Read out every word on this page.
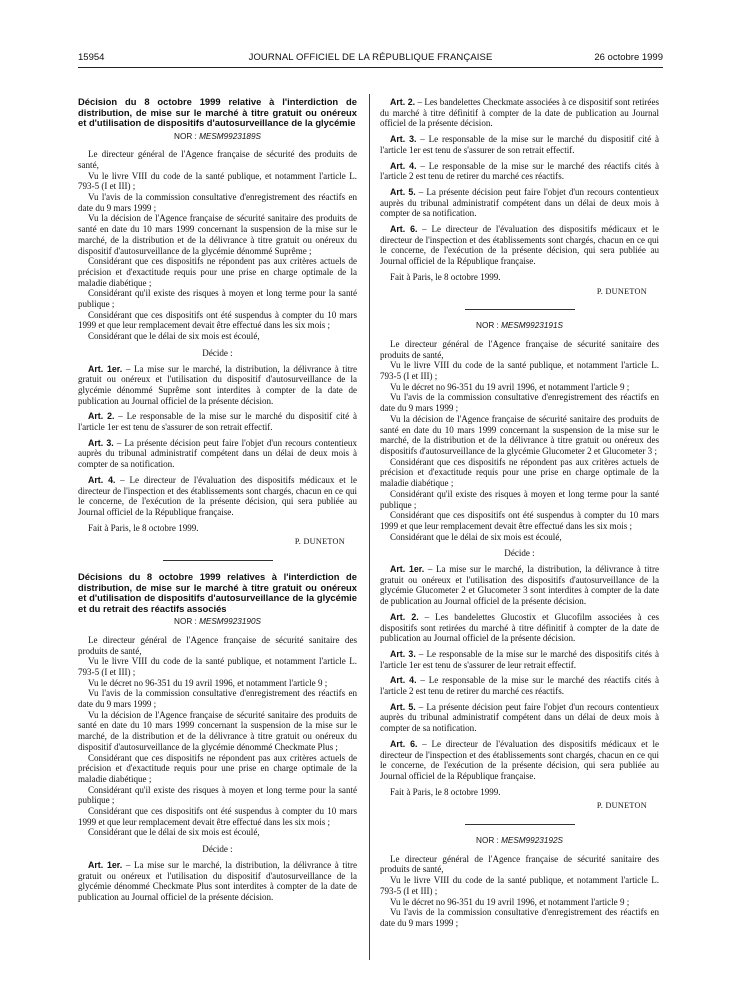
15954	JOURNAL OFFICIEL DE LA RÉPUBLIQUE FRANÇAISE	26 octobre 1999

Décision du 8 octobre 1999 relative à l'interdiction de distribution, de mise sur le marché à titre gratuit ou onéreux et d'utilisation de dispositifs d'autosurveillance de la glycémie

NOR : MESM9923189S

Le directeur général de l'Agence française de sécurité des produits de santé,

Vu le livre VIII du code de la santé publique, et notamment l'article L. 793-5 (I et III) ;

Vu l'avis de la commission consultative d'enregistrement des réactifs en date du 9 mars 1999 ;

Vu la décision de l'Agence française de sécurité sanitaire des produits de santé en date du 10 mars 1999 concernant la suspension de la mise sur le marché, de la distribution et de la délivrance à titre gratuit ou onéreux du dispositif d'autosurveillance de la glycémie dénommé Suprême ;

Considérant que ces dispositifs ne répondent pas aux critères actuels de précision et d'exactitude requis pour une prise en charge optimale de la maladie diabétique ;

Considérant qu'il existe des risques à moyen et long terme pour la santé publique ;

Considérant que ces dispositifs ont été suspendus à compter du 10 mars 1999 et que leur remplacement devait être effectué dans les six mois ;

Considérant que le délai de six mois est écoulé,

Décide :

Art. 1er. – La mise sur le marché, la distribution, la délivrance à titre gratuit ou onéreux et l'utilisation du dispositif d'autosurveillance de la glycémie dénommé Suprême sont interdites à compter de la date de publication au Journal officiel de la présente décision.

Art. 2. – Le responsable de la mise sur le marché du dispositif cité à l'article 1er est tenu de s'assurer de son retrait effectif.

Art. 3. – La présente décision peut faire l'objet d'un recours contentieux auprès du tribunal administratif compétent dans un délai de deux mois à compter de sa notification.

Art. 4. – Le directeur de l'évaluation des dispositifs médicaux et le directeur de l'inspection et des établissements sont chargés, chacun en ce qui le concerne, de l'exécution de la présente décision, qui sera publiée au Journal officiel de la République française.

Fait à Paris, le 8 octobre 1999.

P. DUNETON

Décisions du 8 octobre 1999 relatives à l'interdiction de distribution, de mise sur le marché à titre gratuit ou onéreux et d'utilisation de dispositifs d'autosurveillance de la glycémie et du retrait des réactifs associés

NOR : MESM9923190S

Le directeur général de l'Agence française de sécurité sanitaire des produits de santé,

Vu le livre VIII du code de la santé publique, et notamment l'article L. 793-5 (I et III) ;

Vu le décret no 96-351 du 19 avril 1996, et notamment l'article 9 ;

Vu l'avis de la commission consultative d'enregistrement des réactifs en date du 9 mars 1999 ;

Vu la décision de l'Agence française de sécurité sanitaire des produits de santé en date du 10 mars 1999 concernant la suspension de la mise sur le marché, de la distribution et de la délivrance à titre gratuit ou onéreux du dispositif d'autosurveillance de la glycémie dénommé Checkmate Plus ;

Considérant que ces dispositifs ne répondent pas aux critères actuels de précision et d'exactitude requis pour une prise en charge optimale de la maladie diabétique ;

Considérant qu'il existe des risques à moyen et long terme pour la santé publique ;

Considérant que ces dispositifs ont été suspendus à compter du 10 mars 1999 et que leur remplacement devait être effectué dans les six mois ;

Considérant que le délai de six mois est écoulé,

Décide :

Art. 1er. – La mise sur le marché, la distribution, la délivrance à titre gratuit ou onéreux et l'utilisation du dispositif d'autosurveillance de la glycémie dénommé Checkmate Plus sont interdites à compter de la date de publication au Journal officiel de la présente décision.

Art. 2. – Les bandelettes Checkmate associées à ce dispositif sont retirées du marché à titre définitif à compter de la date de publication au Journal officiel de la présente décision.

Art. 3. – Le responsable de la mise sur le marché du dispositif cité à l'article 1er est tenu de s'assurer de son retrait effectif.

Art. 4. – Le responsable de la mise sur le marché des réactifs cités à l'article 2 est tenu de retirer du marché ces réactifs.

Art. 5. – La présente décision peut faire l'objet d'un recours contentieux auprès du tribunal administratif compétent dans un délai de deux mois à compter de sa notification.

Art. 6. – Le directeur de l'évaluation des dispositifs médicaux et le directeur de l'inspection et des établissements sont chargés, chacun en ce qui le concerne, de l'exécution de la présente décision, qui sera publiée au Journal officiel de la République française.

Fait à Paris, le 8 octobre 1999.

P. DUNETON

NOR : MESM9923191S

Le directeur général de l'Agence française de sécurité sanitaire des produits de santé,

Vu le livre VIII du code de la santé publique, et notamment l'article L. 793-5 (I et III) ;

Vu le décret no 96-351 du 19 avril 1996, et notamment l'article 9 ;

Vu l'avis de la commission consultative d'enregistrement des réactifs en date du 9 mars 1999 ;

Vu la décision de l'Agence française de sécurité sanitaire des produits de santé en date du 10 mars 1999 concernant la suspension de la mise sur le marché, de la distribution et de la délivrance à titre gratuit ou onéreux des dispositifs d'autosurveillance de la glycémie Glucometer 2 et Glucometer 3 ;

Considérant que ces dispositifs ne répondent pas aux critères actuels de précision et d'exactitude requis pour une prise en charge optimale de la maladie diabétique ;

Considérant qu'il existe des risques à moyen et long terme pour la santé publique ;

Considérant que ces dispositifs ont été suspendus à compter du 10 mars 1999 et que leur remplacement devait être effectué dans les six mois ;

Considérant que le délai de six mois est écoulé,

Décide :

Art. 1er. – La mise sur le marché, la distribution, la délivrance à titre gratuit ou onéreux et l'utilisation des dispositifs d'autosurveillance de la glycémie Glucometer 2 et Glucometer 3 sont interdites à compter de la date de publication au Journal officiel de la présente décision.

Art. 2. – Les bandelettes Glucostix et Glucofilm associées à ces dispositifs sont retirées du marché à titre définitif à compter de la date de publication au Journal officiel de la présente décision.

Art. 3. – Le responsable de la mise sur le marché des dispositifs cités à l'article 1er est tenu de s'assurer de leur retrait effectif.

Art. 4. – Le responsable de la mise sur le marché des réactifs cités à l'article 2 est tenu de retirer du marché ces réactifs.

Art. 5. – La présente décision peut faire l'objet d'un recours contentieux auprès du tribunal administratif compétent dans un délai de deux mois à compter de sa notification.

Art. 6. – Le directeur de l'évaluation des dispositifs médicaux et le directeur de l'inspection et des établissements sont chargés, chacun en ce qui le concerne, de l'exécution de la présente décision, qui sera publiée au Journal officiel de la République française.

Fait à Paris, le 8 octobre 1999.

P. DUNETON

NOR : MESM9923192S

Le directeur général de l'Agence française de sécurité sanitaire des produits de santé,

Vu le livre VIII du code de la santé publique, et notamment l'article L. 793-5 (I et III) ;

Vu le décret no 96-351 du 19 avril 1996, et notamment l'article 9 ;

Vu l'avis de la commission consultative d'enregistrement des réactifs en date du 9 mars 1999 ;
